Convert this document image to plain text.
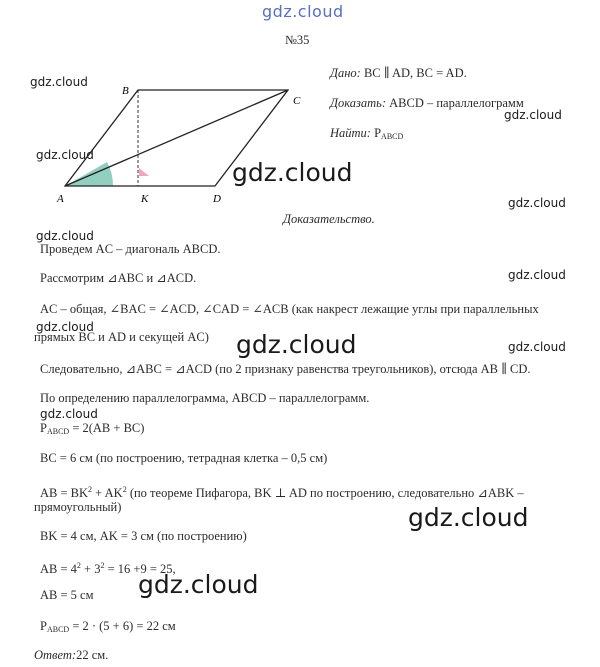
gdz.cloud
gdz.cloud
gdz.cloud
gdz.cloud
gdz.cloud
gdz.cloud
gdz.cloud
gdz.cloud
gdz.cloud
gdz.cloud
gdz.cloud
gdz.cloud
gdz.cloud
gdz.cloud
№35
A
B
C
D
K
Дано: BC ∥ AD, BC = AD.
Доказать: ABCD – параллелограмм
Найти: $P_{ABCD}$
Доказательство.
Проведем AC – диагональ ABCD.
Рассмотрим ⊿ABC и ⊿ACD.
AC – общая, ∠BAC = ∠ACD, ∠CAD = ∠ACB (как накрест лежащие углы при параллельных
прямых BC и AD и секущей AC)
Следовательно, ⊿ABC = ⊿ACD (по 2 признаку равенства треугольников), отсюда AB ∥ CD.
По определению параллелограмма, ABCD – параллелограмм.
$P_{ABCD} = 2(AB + BC)$
BC = 6 см (по построению, тетрадная клетка – 0,5 см)
AB = $BK^2 + AK^2$ (по теореме Пифагора, BK ⊥ AD по построению, следовательно ⊿ABK –
прямоугольный)
BK = 4 см, AK = 3 см (по построению)
AB = $4^2 + 3^2 = 16 +9 = 25$,
AB = 5 см
$P_{ABCD} = 2 \cdot (5 + 6) = 22$ см
Ответ:22 см.
